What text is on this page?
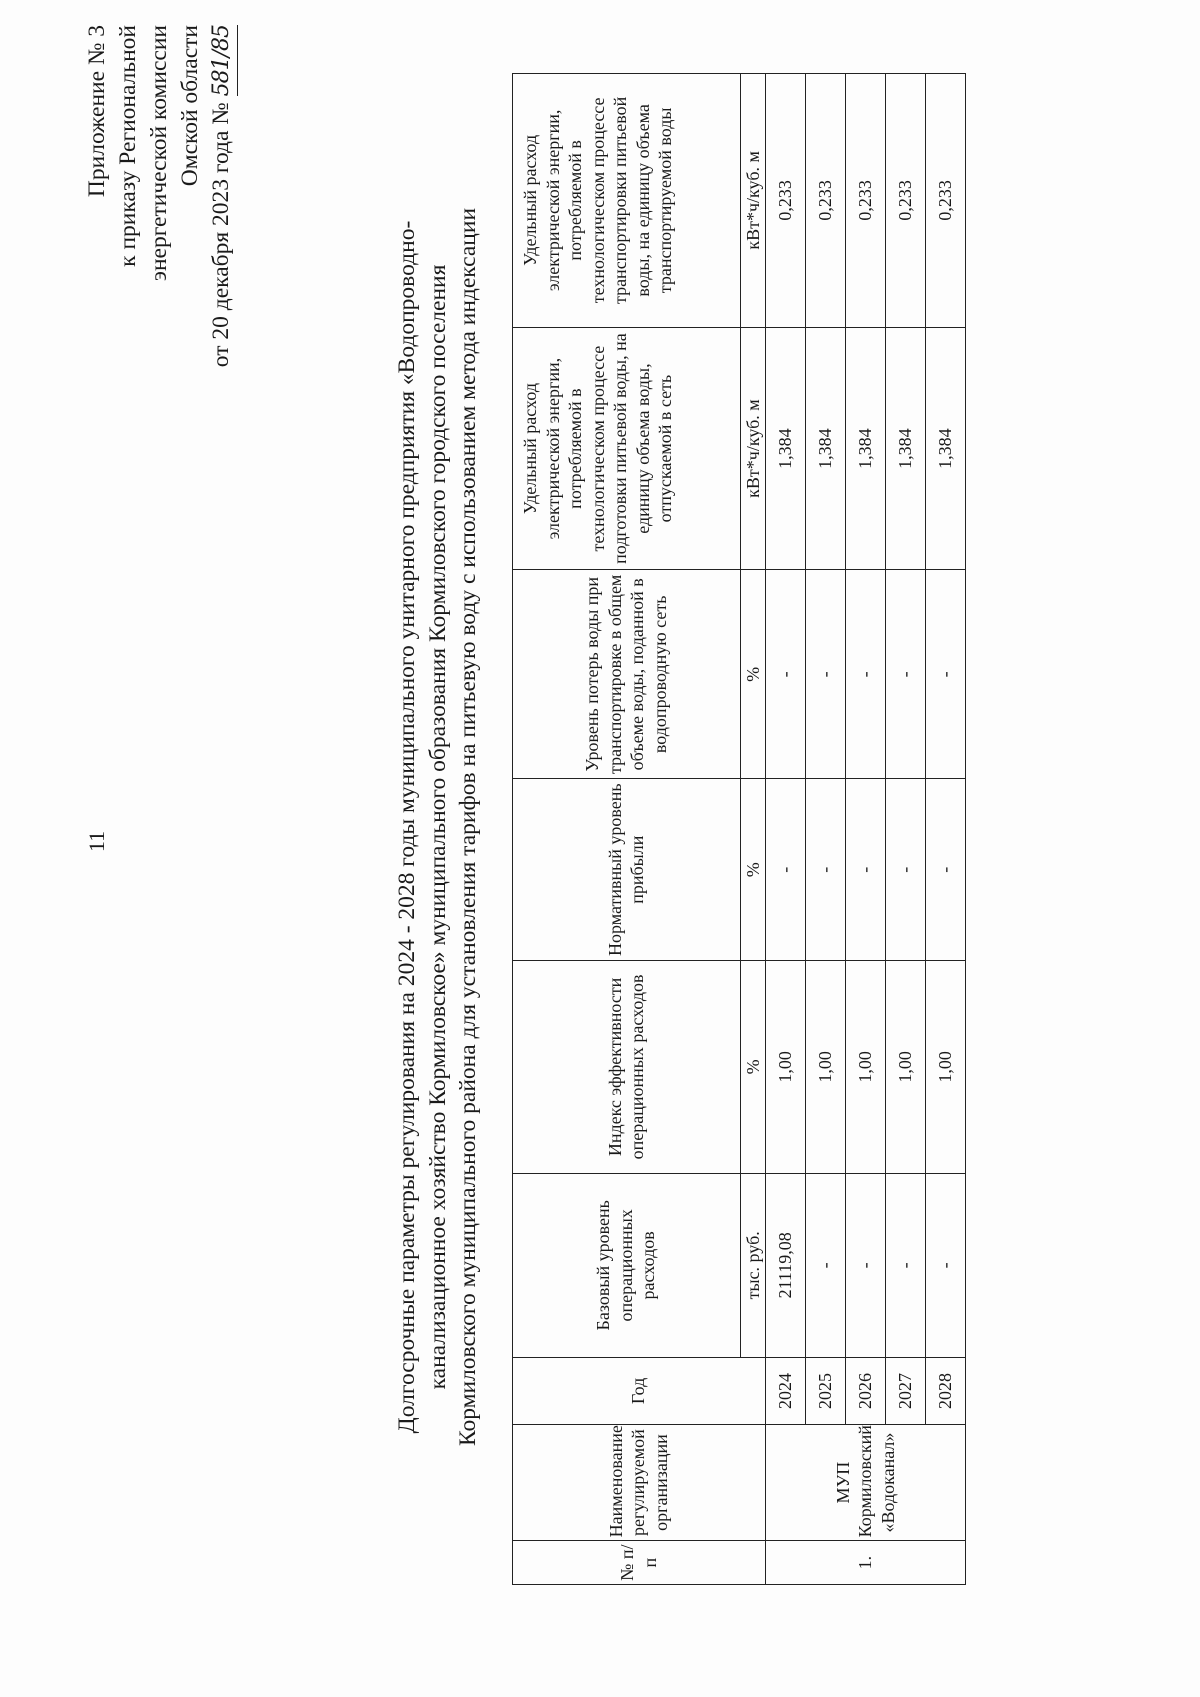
11
Приложение № 3 к приказу Региональной энергетической комиссии Омской области от 20 декабря 2023 года № 581/85
Долгосрочные параметры регулирования на 2024 - 2028 годы муниципального унитарного предприятия «Водопроводно- канализационное хозяйство Кормиловское» муниципального образования Кормиловского городского поселения Кормиловского муниципального района для установления тарифов на питьевую воду с использованием метода индексации
№ п/п	Наименование регулируемой организации	Год	Базовый уровень операционных расходов	Индекс эффективности операционных расходов	Нормативный уровень прибыли	Уровень потерь воды при транспортировке в общем объеме воды, поданной в водопроводную сеть	Удельный расход электрической энергии, потребляемой в технологическом процессе подготовки питьевой воды, на единицу объема воды, отпускаемой в сеть	Удельный расход электрической энергии, потребляемой в технологическом процессе транспортировки питьевой воды, на единицу объема транспортируемой воды
			тыс. руб.	%	%	%	кВт*ч/куб. м	кВт*ч/куб. м
1.	МУП Кормиловский «Водоканал»	2024	21119,08	1,00	-	-	1,384	0,233
		2025	-	1,00	-	-	1,384	0,233
		2026	-	1,00	-	-	1,384	0,233
		2027	-	1,00	-	-	1,384	0,233
		2028	-	1,00	-	-	1,384	0,233
